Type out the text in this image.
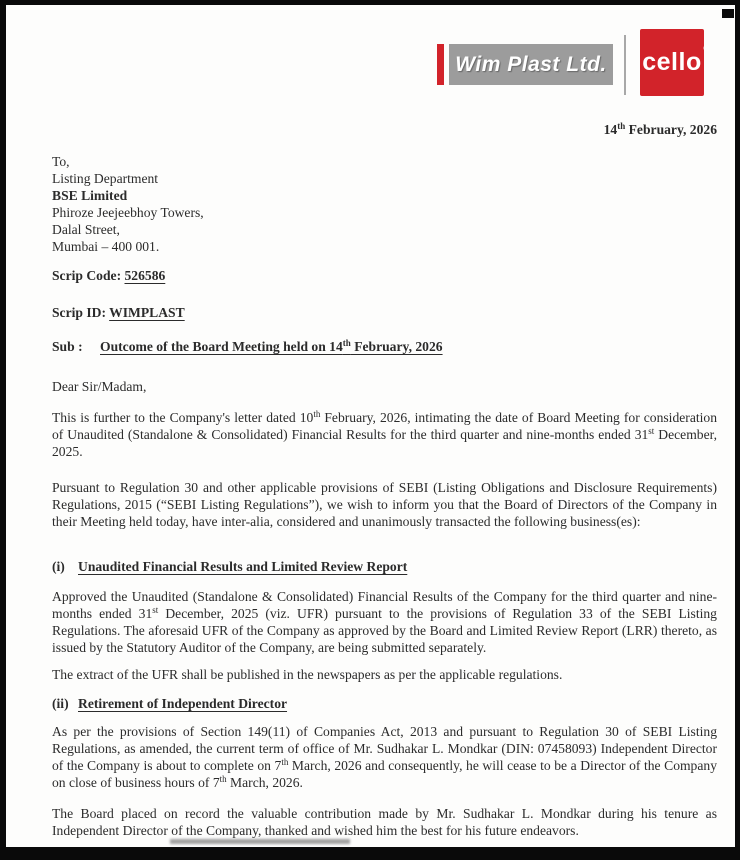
Wim Plast Ltd. cello ®
14th February, 2026
To,
Listing Department
BSE Limited
Phiroze Jeejeebhoy Towers,
Dalal Street,
Mumbai – 400 001.
Scrip Code: 526586
Scrip ID: WIMPLAST
Sub : Outcome of the Board Meeting held on 14th February, 2026
Dear Sir/Madam,
This is further to the Company's letter dated 10th February, 2026, intimating the date of Board Meeting for consideration of Unaudited (Standalone & Consolidated) Financial Results for the third quarter and nine-months ended 31st December, 2025.
Pursuant to Regulation 30 and other applicable provisions of SEBI (Listing Obligations and Disclosure Requirements) Regulations, 2015 (“SEBI Listing Regulations”), we wish to inform you that the Board of Directors of the Company in their Meeting held today, have inter-alia, considered and unanimously transacted the following business(es):
(i) Unaudited Financial Results and Limited Review Report
Approved the Unaudited (Standalone & Consolidated) Financial Results of the Company for the third quarter and nine-months ended 31st December, 2025 (viz. UFR) pursuant to the provisions of Regulation 33 of the SEBI Listing Regulations. The aforesaid UFR of the Company as approved by the Board and Limited Review Report (LRR) thereto, as issued by the Statutory Auditor of the Company, are being submitted separately.
The extract of the UFR shall be published in the newspapers as per the applicable regulations.
(ii) Retirement of Independent Director
As per the provisions of Section 149(11) of Companies Act, 2013 and pursuant to Regulation 30 of SEBI Listing Regulations, as amended, the current term of office of Mr. Sudhakar L. Mondkar (DIN: 07458093) Independent Director of the Company is about to complete on 7th March, 2026 and consequently, he will cease to be a Director of the Company on close of business hours of 7th March, 2026.
The Board placed on record the valuable contribution made by Mr. Sudhakar L. Mondkar during his tenure as Independent Director of the Company, thanked and wished him the best for his future endeavors.
